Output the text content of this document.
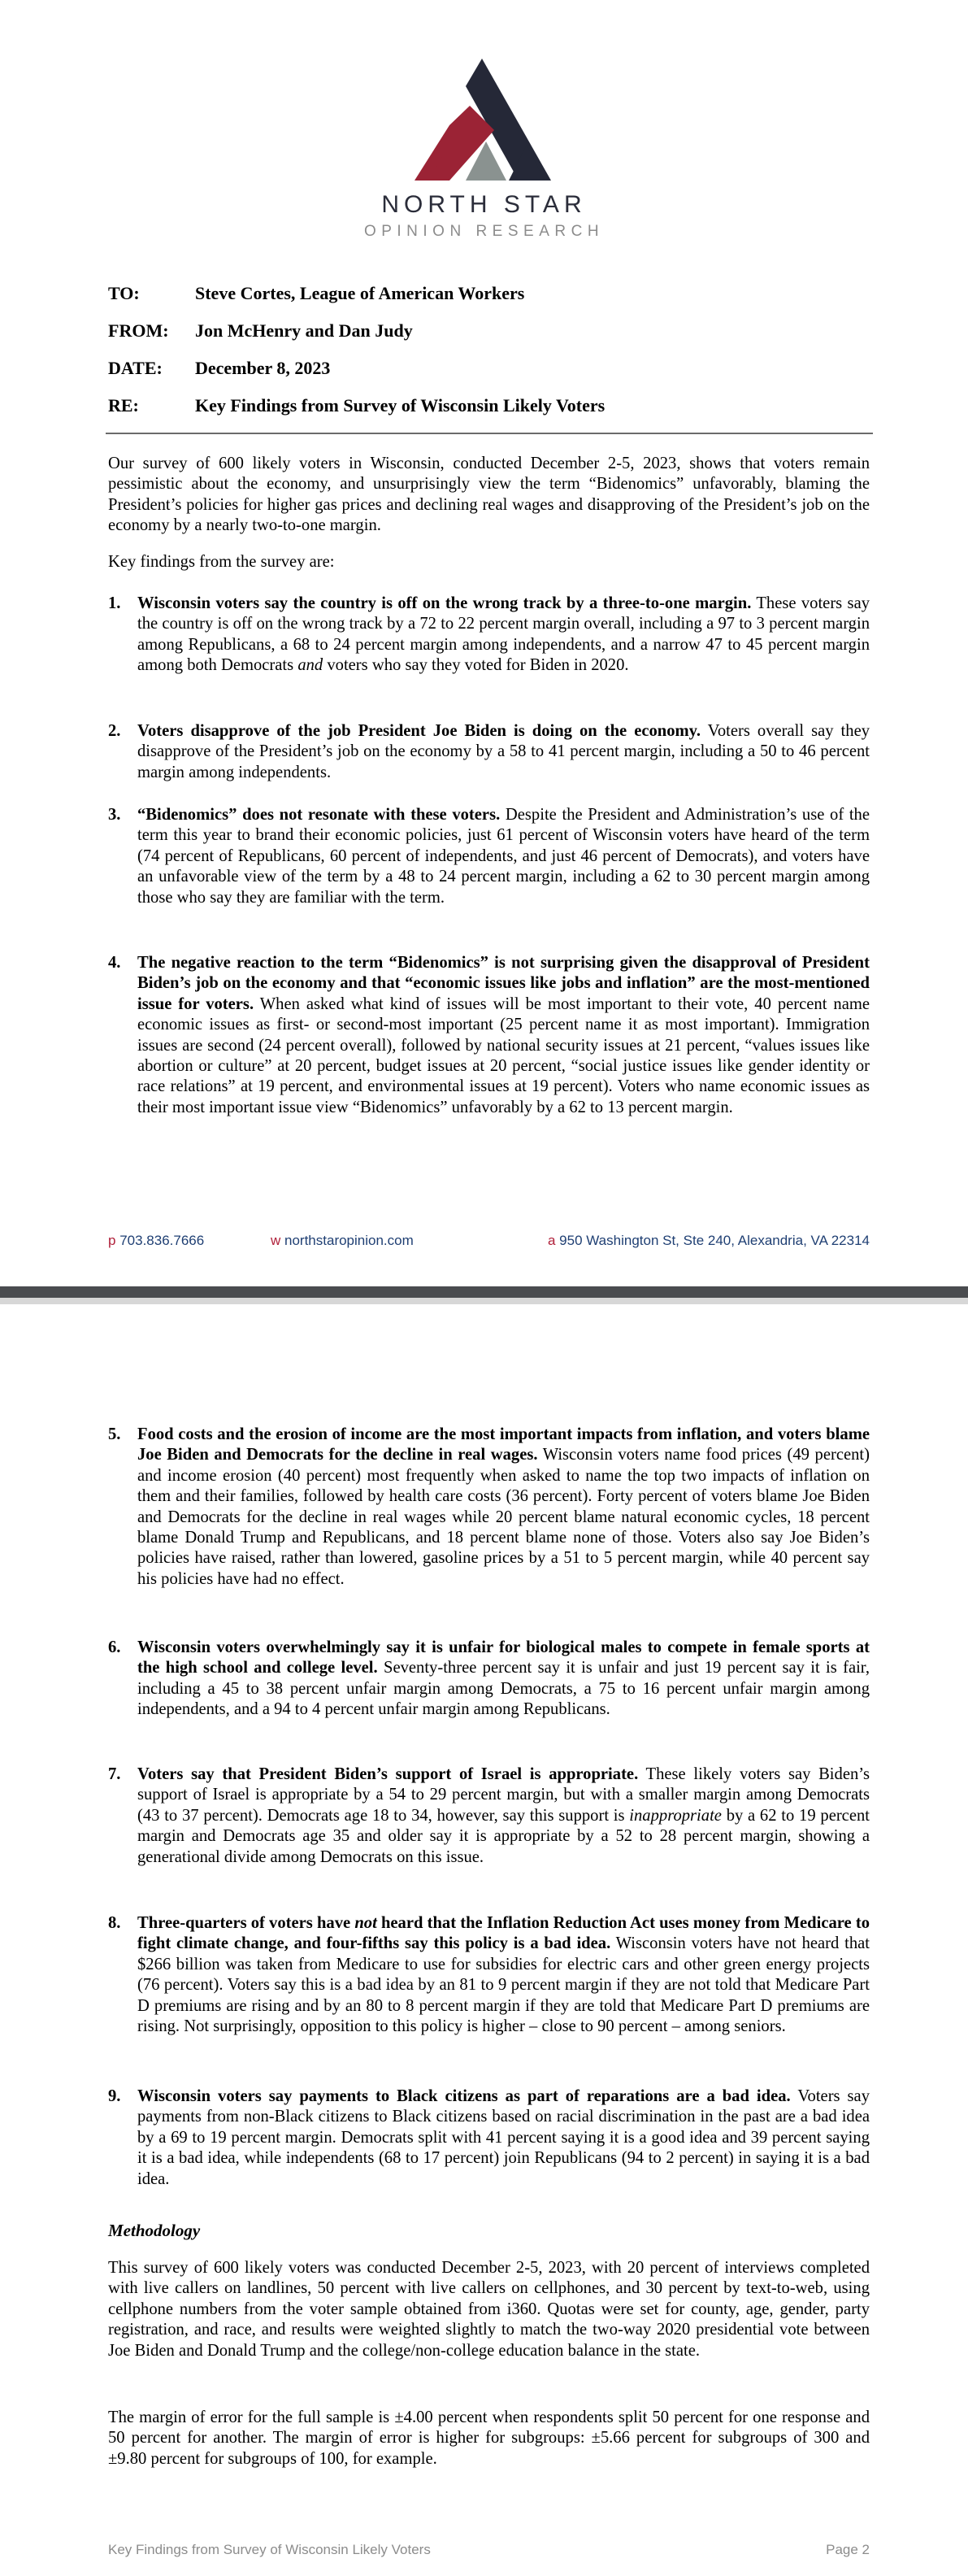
NORTH STAR
OPINION RESEARCH
TO:	Steve Cortes, League of American Workers
FROM:	Jon McHenry and Dan Judy
DATE:	December 8, 2023
RE:	Key Findings from Survey of Wisconsin Likely Voters

Our survey of 600 likely voters in Wisconsin, conducted December 2-5, 2023, shows that voters remain pessimistic about the economy, and unsurprisingly view the term “Bidenomics” unfavorably, blaming the President’s policies for higher gas prices and declining real wages and disapproving of the President’s job on the economy by a nearly two-to-one margin.

Key findings from the survey are:
1. Wisconsin voters say the country is off on the wrong track by a three-to-one margin. These voters say the country is off on the wrong track by a 72 to 22 percent margin overall, including a 97 to 3 percent margin among Republicans, a 68 to 24 percent margin among independents, and a narrow 47 to 45 percent margin among both Democrats and voters who say they voted for Biden in 2020.
2. Voters disapprove of the job President Joe Biden is doing on the economy. Voters overall say they disapprove of the President’s job on the economy by a 58 to 41 percent margin, including a 50 to 46 percent margin among independents.
3. “Bidenomics” does not resonate with these voters. Despite the President and Administration’s use of the term this year to brand their economic policies, just 61 percent of Wisconsin voters have heard of the term (74 percent of Republicans, 60 percent of independents, and just 46 percent of Democrats), and voters have an unfavorable view of the term by a 48 to 24 percent margin, including a 62 to 30 percent margin among those who say they are familiar with the term.
4. The negative reaction to the term “Bidenomics” is not surprising given the disapproval of President Biden’s job on the economy and that “economic issues like jobs and inflation” are the most-mentioned issue for voters. When asked what kind of issues will be most important to their vote, 40 percent name economic issues as first- or second-most important (25 percent name it as most important). Immigration issues are second (24 percent overall), followed by national security issues at 21 percent, “values issues like abortion or culture” at 20 percent, budget issues at 20 percent, “social justice issues like gender identity or race relations” at 19 percent, and environmental issues at 19 percent). Voters who name economic issues as their most important issue view “Bidenomics” unfavorably by a 62 to 13 percent margin.
p 703.836.7666	w northstaropinion.com	a 950 Washington St, Ste 240, Alexandria, VA 22314
5. Food costs and the erosion of income are the most important impacts from inflation, and voters blame Joe Biden and Democrats for the decline in real wages. Wisconsin voters name food prices (49 percent) and income erosion (40 percent) most frequently when asked to name the top two impacts of inflation on them and their families, followed by health care costs (36 percent). Forty percent of voters blame Joe Biden and Democrats for the decline in real wages while 20 percent blame natural economic cycles, 18 percent blame Donald Trump and Republicans, and 18 percent blame none of those. Voters also say Joe Biden’s policies have raised, rather than lowered, gasoline prices by a 51 to 5 percent margin, while 40 percent say his policies have had no effect.
6. Wisconsin voters overwhelmingly say it is unfair for biological males to compete in female sports at the high school and college level. Seventy-three percent say it is unfair and just 19 percent say it is fair, including a 45 to 38 percent unfair margin among Democrats, a 75 to 16 percent unfair margin among independents, and a 94 to 4 percent unfair margin among Republicans.
7. Voters say that President Biden’s support of Israel is appropriate. These likely voters say Biden’s support of Israel is appropriate by a 54 to 29 percent margin, but with a smaller margin among Democrats (43 to 37 percent). Democrats age 18 to 34, however, say this support is inappropriate by a 62 to 19 percent margin and Democrats age 35 and older say it is appropriate by a 52 to 28 percent margin, showing a generational divide among Democrats on this issue.
8. Three-quarters of voters have not heard that the Inflation Reduction Act uses money from Medicare to fight climate change, and four-fifths say this policy is a bad idea. Wisconsin voters have not heard that $266 billion was taken from Medicare to use for subsidies for electric cars and other green energy projects (76 percent). Voters say this is a bad idea by an 81 to 9 percent margin if they are not told that Medicare Part D premiums are rising and by an 80 to 8 percent margin if they are told that Medicare Part D premiums are rising. Not surprisingly, opposition to this policy is higher – close to 90 percent – among seniors.
9. Wisconsin voters say payments to Black citizens as part of reparations are a bad idea. Voters say payments from non-Black citizens to Black citizens based on racial discrimination in the past are a bad idea by a 69 to 19 percent margin. Democrats split with 41 percent saying it is a good idea and 39 percent saying it is a bad idea, while independents (68 to 17 percent) join Republicans (94 to 2 percent) in saying it is a bad idea.
Methodology
This survey of 600 likely voters was conducted December 2-5, 2023, with 20 percent of interviews completed with live callers on landlines, 50 percent with live callers on cellphones, and 30 percent by text-to-web, using cellphone numbers from the voter sample obtained from i360. Quotas were set for county, age, gender, party registration, and race, and results were weighted slightly to match the two-way 2020 presidential vote between Joe Biden and Donald Trump and the college/non-college education balance in the state.
The margin of error for the full sample is ±4.00 percent when respondents split 50 percent for one response and 50 percent for another. The margin of error is higher for subgroups: ±5.66 percent for subgroups of 300 and ±9.80 percent for subgroups of 100, for example.
Key Findings from Survey of Wisconsin Likely Voters	Page 2
